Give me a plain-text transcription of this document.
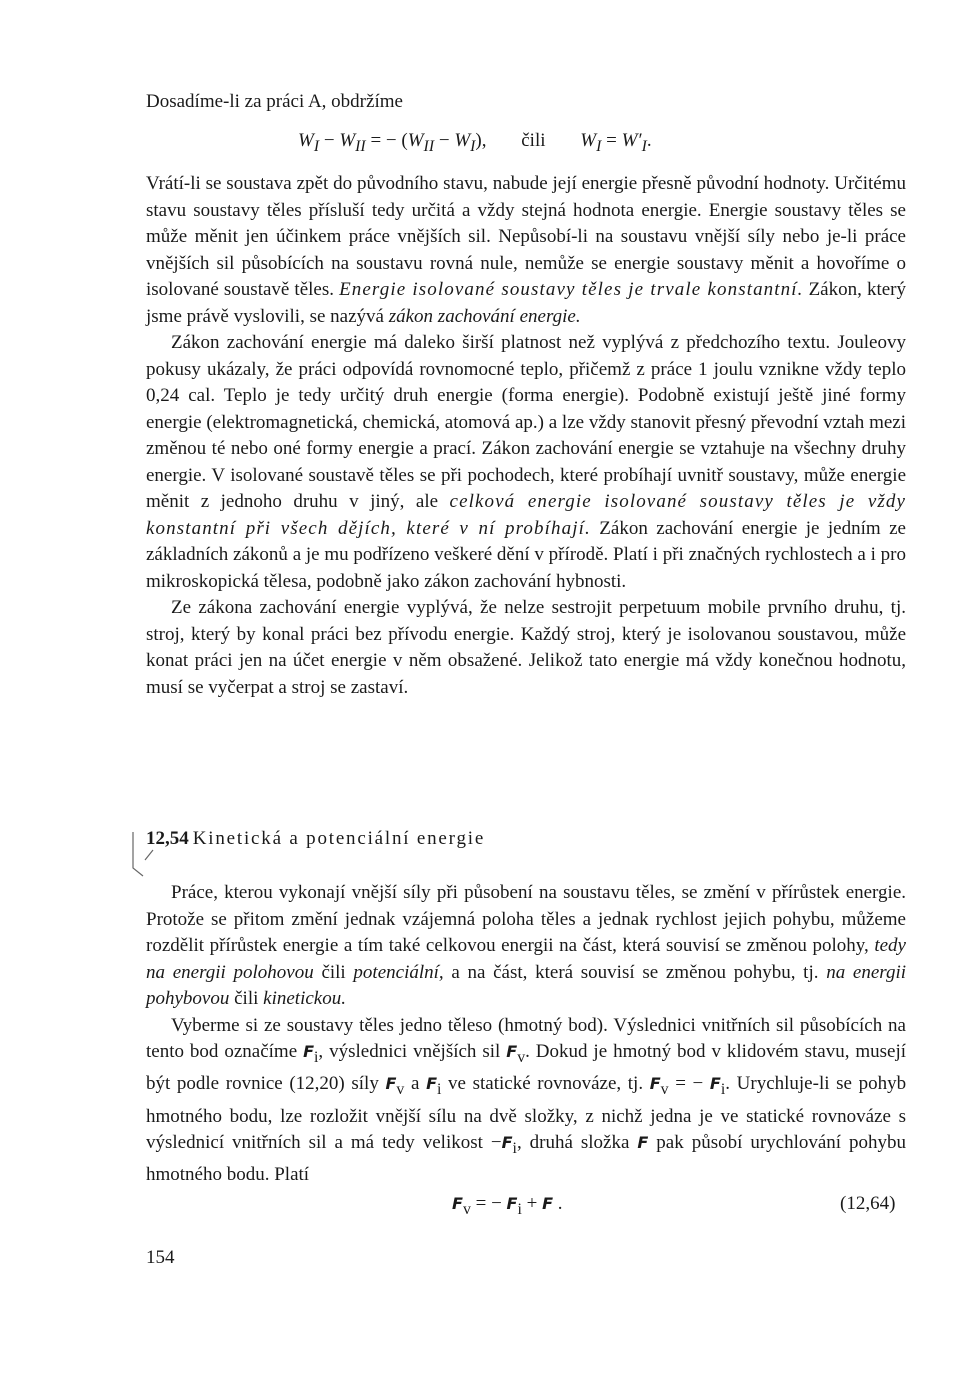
Dosadíme-li za práci A, obdržíme

$W_I - W_{II}$ = − $(W_{II} - W_I)$, čili $W_I = W'_I$.

Vrátí-li se soustava zpět do původního stavu, nabude její energie přesně původní hodnoty. Určitému stavu soustavy těles přísluší tedy určitá a vždy stejná hodnota energie. Energie soustavy těles se může měnit jen účinkem práce vnějších sil. Nepůsobí-li na soustavu vnější síly nebo je-li práce vnějších sil působících na soustavu rovná nule, nemůže se energie soustavy měnit a hovoříme o isolované soustavě těles. Energie isolované soustavy těles je trvale konstantní. Zákon, který jsme právě vyslovili, se nazývá zákon zachování energie.

Zákon zachování energie má daleko širší platnost než vyplývá z předchozího textu. Jouleovy pokusy ukázaly, že práci odpovídá rovnomocné teplo, přičemž z práce 1 joulu vznikne vždy teplo 0,24 cal. Teplo je tedy určitý druh energie (forma energie). Podobně existují ještě jiné formy energie (elektromagnetická, chemická, atomová ap.) a lze vždy stanovit přesný převodní vztah mezi změnou té nebo oné formy energie a prací. Zákon zachování energie se vztahuje na všechny druhy energie. V isolované soustavě těles se při pochodech, které probíhají uvnitř soustavy, může energie měnit z jednoho druhu v jiný, ale celková energie isolované soustavy těles je vždy konstantní při všech dějích, které v ní probíhají. Zákon zachování energie je jedním ze základních zákonů a je mu podřízeno veškeré dění v přírodě. Platí i při značných rychlostech a i pro mikroskopická tělesa, podobně jako zákon zachování hybnosti.

Ze zákona zachování energie vyplývá, že nelze sestrojit perpetuum mobile prvního druhu, tj. stroj, který by konal práci bez přívodu energie. Každý stroj, který je isolovanou soustavou, může konat práci jen na účet energie v něm obsažené. Jelikož tato energie má vždy konečnou hodnotu, musí se vyčerpat a stroj se zastaví.

12,54 Kinetická a potenciální energie

Práce, kterou vykonají vnější síly při působení na soustavu těles, se změní v přírůstek energie. Protože se přitom změní jednak vzájemná poloha těles a jednak rychlost jejich pohybu, můžeme rozdělit přírůstek energie a tím také celkovou energii na část, která souvisí se změnou polohy, tedy na energii polohovou čili potenciální, a na část, která souvisí se změnou pohybu, tj. na energii pohybovou čili kinetickou.

Vyberme si ze soustavy těles jedno těleso (hmotný bod). Výslednici vnitřních sil působících na tento bod označíme $F_i$, výslednici vnějších sil $F_v$. Dokud je hmotný bod v klidovém stavu, musejí být podle rovnice (12,20) síly $F_v$ a $F_i$ ve statické rovnováze, tj. $F_v$ = − $F_i$. Urychluje-li se pohyb hmotného bodu, lze rozložit vnější sílu na dvě složky, z nichž jedna je ve statické rovnováze s výslednicí vnitřních sil a má tedy velikost $-F_i$, druhá složka F pak působí urychlování pohybu hmotného bodu. Platí

$F_v$ = − $F_i + F$ .	(12,64)
154
